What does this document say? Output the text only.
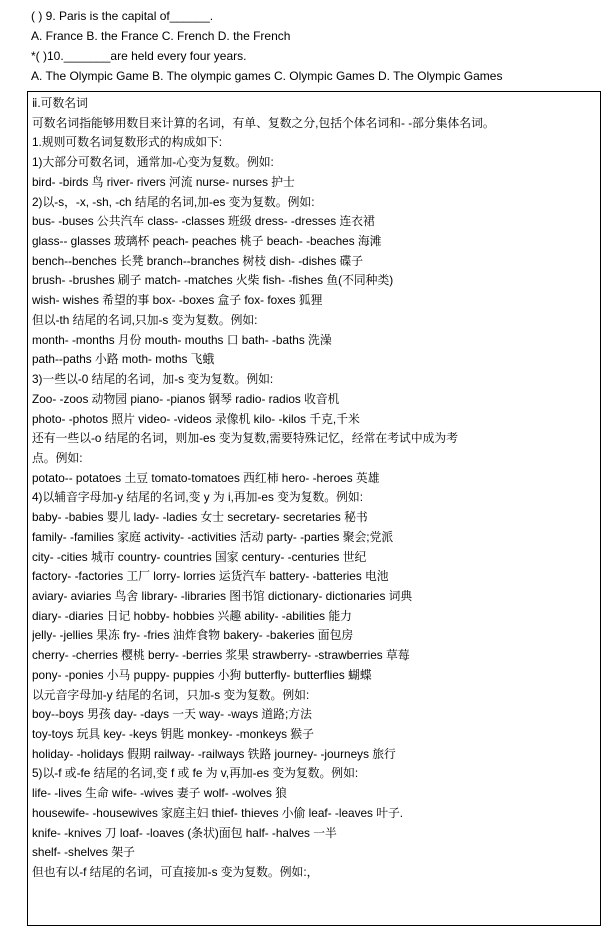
( ) 9. Paris is the capital of______.
A. France B. the France C. French D. the French
*( )10._______are held every four years.
A. The Olympic Game B. The olympic games C. Olympic Games D. The Olympic Games
ⅱ.可数名词
可数名词指能够用数目来计算的名词，有单、复数之分,包括个体名词和- -部分集体名词。
1.规则可数名词复数形式的构成如下:
1)大部分可数名词，通常加-心变为复数。例如:
bird- -birds 鸟 river- rivers 河流 nurse- nurses 护士
2)以-s，-x, -sh, -ch 结尾的名词,加-es 变为复数。例如:
bus- -buses 公共汽车 class- -classes 班级 dress- -dresses 连衣裙
glass-- glasses 玻璃杯 peach- peaches 桃子 beach- -beaches 海滩
bench--benches 长凳 branch--branches 树枝 dish- -dishes 碟子
brush- -brushes 刷子 match- -matches 火柴 fish- -fishes 鱼(不同种类)
wish- wishes 希望的事 box- -boxes 盒子 fox- foxes 狐狸
但以-th 结尾的名词,只加-s 变为复数。例如:
month- -months 月份 mouth- mouths 口 bath- -baths 洗澡
path--paths 小路 moth- moths 飞蛾
3)一些以-0 结尾的名词，加-s 变为复数。例如:
Zoo- -zoos 动物园 piano- -pianos 钢琴 radio- radios 收音机
photo- -photos 照片 video- -videos 录像机 kilo- -kilos 千克,千米
还有一些以-o 结尾的名词，则加-es 变为复数,需要特殊记忆，经常在考试中成为考
点。例如:
potato-- potatoes 土豆 tomato-tomatoes 西红柿 hero- -heroes 英雄
4)以辅音字母加-y 结尾的名词,变 y 为 i,再加-es 变为复数。例如:
baby- -babies 婴儿 lady- -ladies 女士 secretary- secretaries 秘书
family- -families 家庭 activity- -activities 活动 party- -parties 聚会;党派
city- -cities 城市 country- countries 国家 century- -centuries 世纪
factory- -factories 工厂 lorry- lorries 运货汽车 battery- -batteries 电池
aviary- aviaries 鸟舍 library- -libraries 图书馆 dictionary- dictionaries 词典
diary- -diaries 日记 hobby- hobbies 兴趣 ability- -abilities 能力
jelly- -jellies 果冻 fry- -fries 油炸食物 bakery- -bakeries 面包房
cherry- -cherries 樱桃 berry- -berries 浆果 strawberry- -strawberries 草莓
pony- -ponies 小马 puppy- puppies 小狗 butterfly- butterflies 蝴蝶
以元音字母加-y 结尾的名词，只加-s 变为复数。例如:
boy--boys 男孩 day- -days 一天 way- -ways 道路;方法
toy-toys 玩具 key- -keys 钥匙 monkey- -monkeys 猴子
holiday- -holidays 假期 railway- -railways 铁路 journey- -journeys 旅行
5)以-f 或-fe 结尾的名词,变 f 或 fe 为 v,再加-es 变为复数。例如:
life- -lives 生命 wife- -wives 妻子 wolf- -wolves 狼
housewife- -housewives 家庭主妇 thief- thieves 小偷 leaf- -leaves 叶子.
knife- -knives 刀 loaf- -loaves (条状)面包 half- -halves 一半
shelf- -shelves 架子
但也有以-f 结尾的名词，可直接加-s 变为复数。例如:，
